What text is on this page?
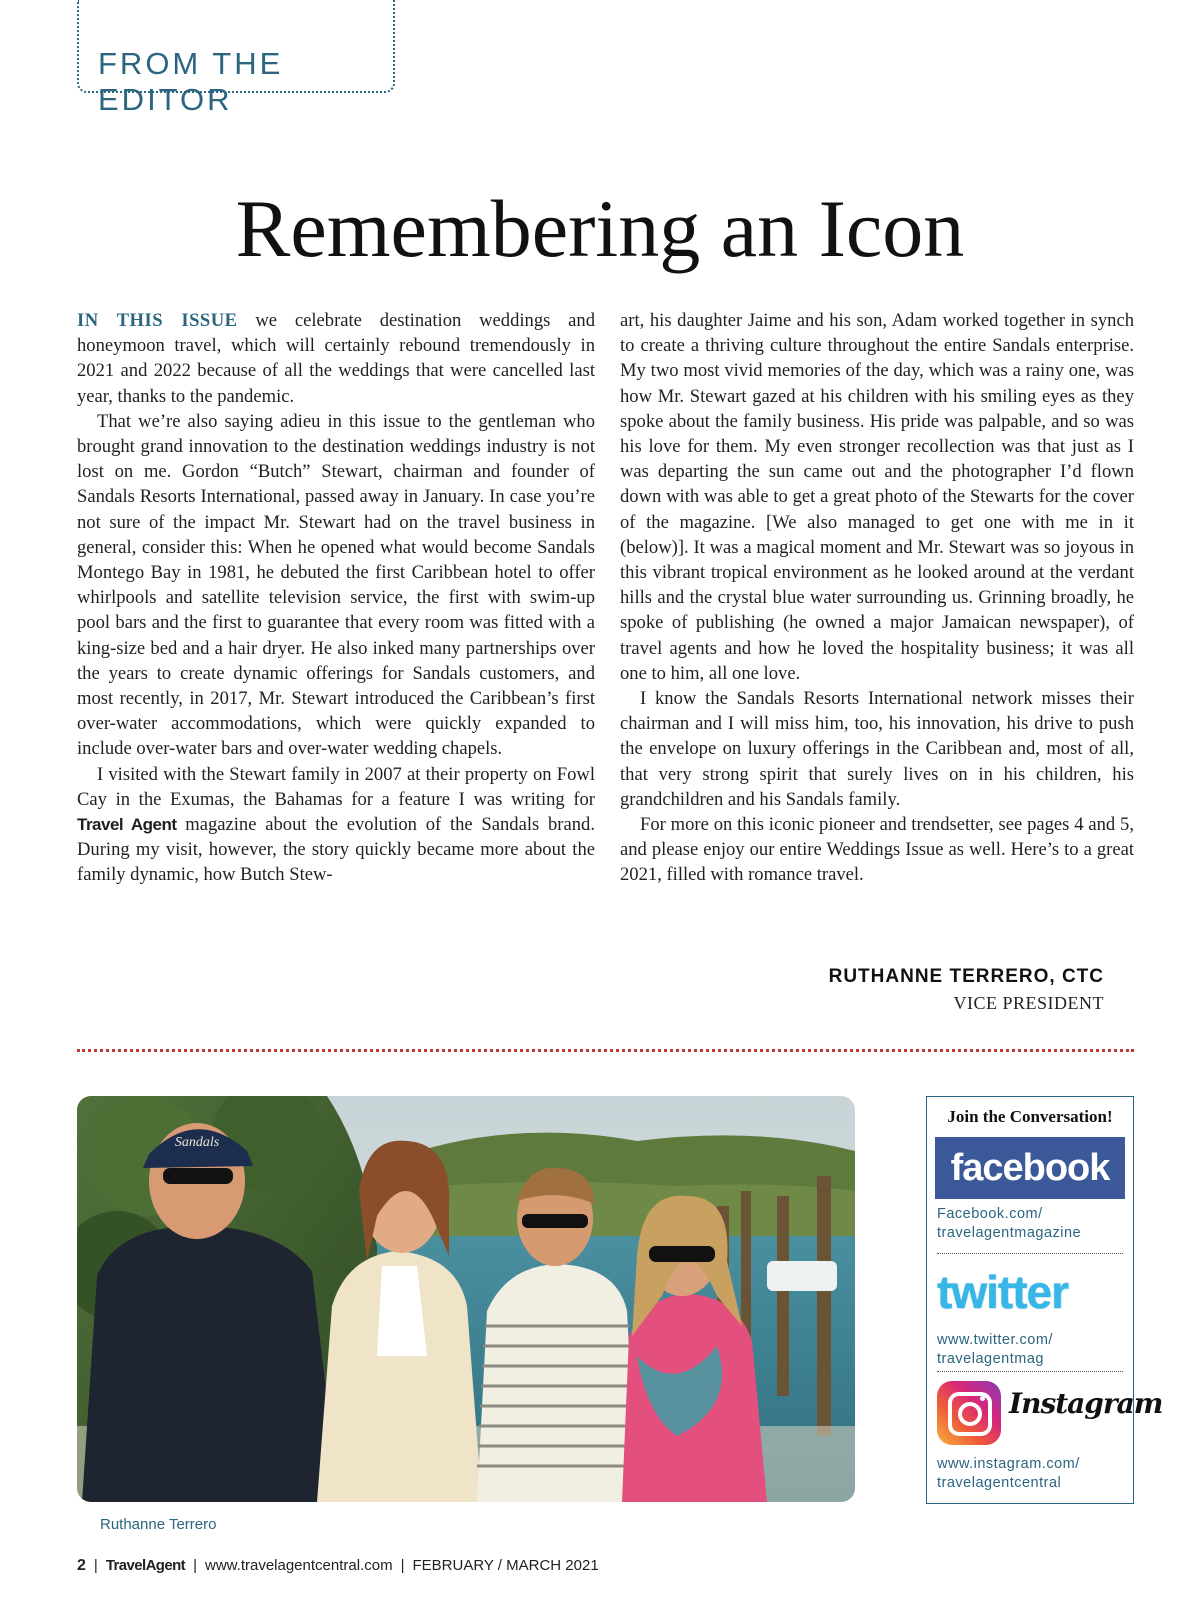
FROM THE EDITOR
Remembering an Icon

IN THIS ISSUE we celebrate destination weddings and honeymoon travel, which will certainly rebound tremendously in 2021 and 2022 because of all the weddings that were cancelled last year, thanks to the pandemic.

That we’re also saying adieu in this issue to the gentleman who brought grand innovation to the destination weddings industry is not lost on me. Gordon “Butch” Stewart, chairman and founder of Sandals Resorts International, passed away in January. In case you’re not sure of the impact Mr. Stewart had on the travel business in general, consider this: When he opened what would become Sandals Montego Bay in 1981, he debuted the first Caribbean hotel to offer whirlpools and satellite television service, the first with swim-up pool bars and the first to guarantee that every room was fitted with a king-size bed and a hair dryer. He also inked many partnerships over the years to create dynamic offerings for Sandals customers, and most recently, in 2017, Mr. Stewart introduced the Caribbean’s first over-water accommodations, which were quickly expanded to include over-water bars and over-water wedding chapels.

I visited with the Stewart family in 2007 at their property on Fowl Cay in the Exumas, the Bahamas for a feature I was writing for Travel Agent magazine about the evolution of the Sandals brand. During my visit, however, the story quickly became more about the family dynamic, how Butch Stew-

art, his daughter Jaime and his son, Adam worked together in synch to create a thriving culture throughout the entire Sandals enterprise. My two most vivid memories of the day, which was a rainy one, was how Mr. Stewart gazed at his children with his smiling eyes as they spoke about the family business. His pride was palpable, and so was his love for them. My even stronger recollection was that just as I was departing the sun came out and the photographer I’d flown down with was able to get a great photo of the Stewarts for the cover of the magazine. [We also managed to get one with me in it (below)]. It was a magical moment and Mr. Stewart was so joyous in this vibrant tropical environment as he looked around at the verdant hills and the crystal blue water surrounding us. Grinning broadly, he spoke of publishing (he owned a major Jamaican newspaper), of travel agents and how he loved the hospitality business; it was all one to him, all one love.

I know the Sandals Resorts International network misses their chairman and I will miss him, too, his innovation, his drive to push the envelope on luxury offerings in the Caribbean and, most of all, that very strong spirit that surely lives on in his children, his grandchildren and his Sandals family.

For more on this iconic pioneer and trendsetter, see pages 4 and 5, and please enjoy our entire Weddings Issue as well. Here’s to a great 2021, filled with romance travel.

RUTHANNE TERRERO, CTC
VICE PRESIDENT
Sandals
Ruthanne Terrero
Join the Conversation!
facebook
Facebook.com/
travelagentmagazine
twitter
www.twitter.com/
travelagentmag
Instagram
www.instagram.com/
travelagentcentral
2 | TravelAgent | www.travelagentcentral.com | FEBRUARY / MARCH 2021
